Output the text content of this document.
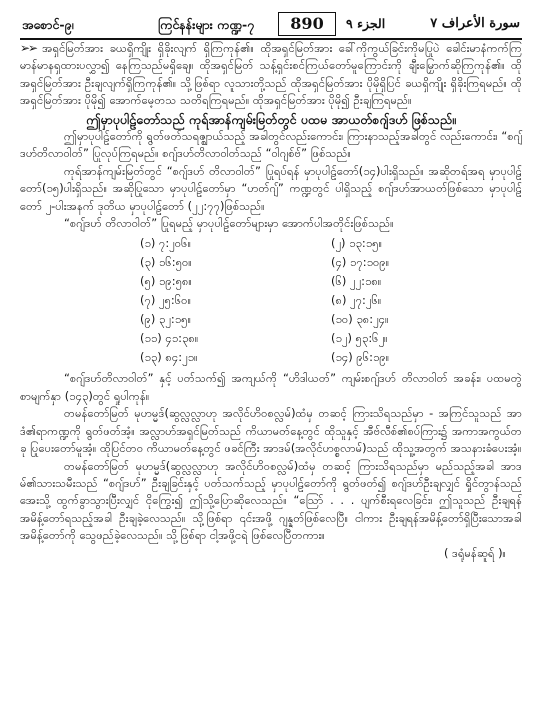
အစောင်-၉၊	ကြင်နန်းများ ကဏ္ဍ-၇	890	الجزء ٩	سورة الأعراف ٧

➢➢ အရှင်မြတ်အား ခယရှိကျိုး ရှိခိုးလျက် ရှိကြကုန်၏။ ထိုအရှင်မြတ်အား ခေါ်ကိုကွယ်ခြင်းကိုမပြုပဲ ခေါင်းမာနံကက်ကြ မာန်မာနရှထားပလွှာ၍ နေကြသည်မရှိချေ။ ထိုအရှင်မြတ် သန့်ရှင်းစင်ကြယ်တော်မူကြောင်းကို ချီးမြှောက်ဆိုကြကုန်၏။ ထိုအရှင်မြတ်အား ဦးချလျက်ရှိကြကုန်၏။ သို့ဖြစ်ရာ လူသားတို့သည် ထိုအရှင်မြတ်အား ပိုမိုရှိပြင် ခယရှိကျိုး ရှိခိုးကြရမည်။ ထိုအရှင်မြတ်အား ပိုမို၍ အောက်မေ့တသ သတိရကြရမည်။ ထိုအရှင်မြတ်အား ပိုမို၍ ဦးချကြရမည်။

ဤမှာပုပါဠ်တော်သည် ကုရ်အာန်ကျမ်းမြတ်တွင် ပထမ အာယတ်စဂျ်ဒဟ် ဖြစ်သည်။

ဤမှာပုပါဠ်တော်ကို ရွတ်ဖတ်သရဇ္ဈာယ်သည့် အခါတွင်လည်းကောင်း၊ ကြားနာသည့်အခါတွင် လည်းကောင်း၊ “စဂျ်ဒဟ်တိလာဝါတ်” ပြုလုပ်ကြရမည်။ စဂျ်ဒဟ်တိလာဝါတ်သည် “ဝါဂျစ်ဗ်” ဖြစ်သည်။

ကုရ်အာန်ကျမ်းမြတ်တွင် “စဂျ်ဒဟ် တိလာဝါတ်” ပြုရပ်ရန် မှာပုပါဠ်တော်(၁၄)ပါးရှိသည်။ အဆိုတရ်အရ မှာပုပါဠ်တော်(၁၅)ပါးရှိသည်။ အဆိုပြုသော မှာပုပါဠ်တော်မှာ “ဟတ်ဂျ်” ကဏ္ဍတွင် ပါရှိသည့် စဂျ်ဒဟ်အာယတ်ဖြစ်သော မှာပုပါဠ်တော် ၂-ပါးအနက် ဒုတိယ မှာပုပါဠ်တော် (၂၂:၇၇)ဖြစ်သည်။

“စဂျ်ဒဟ် တိလာဝါတ်” ပြုရမည့် မှာပုပါဠ်တော်များမှာ အောက်ပါအတိုင်းဖြစ်သည်။

(၁) ၇:၂၀၆။	(၂) ၁၃:၁၅။
(၃) ၁၆:၅၀။	(၄) ၁၇:၁၀၉။
(၅) ၁၉:၅၈။	(၆) ၂၂:၁၈။
(၇) ၂၅:၆၀။	(၈) ၂၇:၂၆။
(၉) ၃၂:၁၅။	(၁၀) ၃၈:၂၄။
(၁၁) ၄၁:၃၈။	(၁၂) ၅၃:၆၂။
(၁၃) ၈၄:၂၁။	(၁၄) ၉၆:၁၉။

“စဂျ်ဒဟ်တိလာဝါတ်” နှင့် ပတ်သက်၍ အကျယ်ကို “ဟိဒါယတ်” ကျမ်းစဂျ်ဒဟ် တိလာဝါတ် အခန်း၊ ပထမတွဲ စာမျက်နှာ (၁၄၃)တွင် ရှုပါကုန်။

တမန်တော်မြတ် မုဟမ္မဒ်(ဆွလ္လလ္လာဟု အလိုင်ဟိဝစလ္လမ်)ထံမှ တဆင့် ကြားသိရသည်မှာ - အကြင်သူသည် အာဒံ၏ရာကဏ္ဍကို ရွတ်ဖတ်အံ့။ အလ္လာဟ်အရှင်မြတ်သည် ကိယာမတ်နေ့တွင် ထိုသူနှင့် အီဗ်လီစ်၏စပ်ကြား၌ အကာအကွယ်တခု ပြုပေးတော်မူအံ့။ ထိုပြင်တဝ ကိယာမတ်နေ့တွင် ဖခင်ကြီး အာဒမ်(အလိုင်ဟစ္စလာမ်)သည် ထိုသူ့အတွက် အသနားခံပေးအံ့။

တမန်တော်မြတ် မုဟမ္မဒ်(ဆွလ္လလ္လာဟု အလိုင်ဟိဝစလ္လမ်)ထံမှ တဆင့် ကြားသိရသည်မှာ မည်သည့်အခါ အာဒမ်၏သားသမီးသည် “စဂျ်ဒဟ်” ဦးချခြင်းနှင့် ပတ်သက်သည့် မှာပုပါဠ်တော်ကို ရွတ်ဖတ်၍ စဂျ်ဒဟ်ဦးချလျှင် ရှိုင်တွာန်သည် အေးသို့ ထွက်ခွာသွားပြီးလျှင် ငိုကြွေး၍ ဤသို့ပြောဆိုလေသည်။ “သြော် . . . ပျက်စီးရလေခြင်း၊ ဤသူသည် ဦးချရန်အမိန့်တော်ရသည့်အခါ ဦးချခဲ့လေသည်။ သို့ဖြစ်ရာ ၎င်းအဖို့ ဂျန္နတ်ဖြစ်လေပြီ။ ငါကား ဦးချရန်အမိန့်တော်ရှိပြီးသောအခါ အမိန့်တော်ကို သွေဖည်ခဲ့လေသည်။ သို့ဖြစ်ရာ ငါ့အဖို့ငရဲ ဖြစ်လေပြီတကား။

( ဒရုံမန်ဆူရ် )။
